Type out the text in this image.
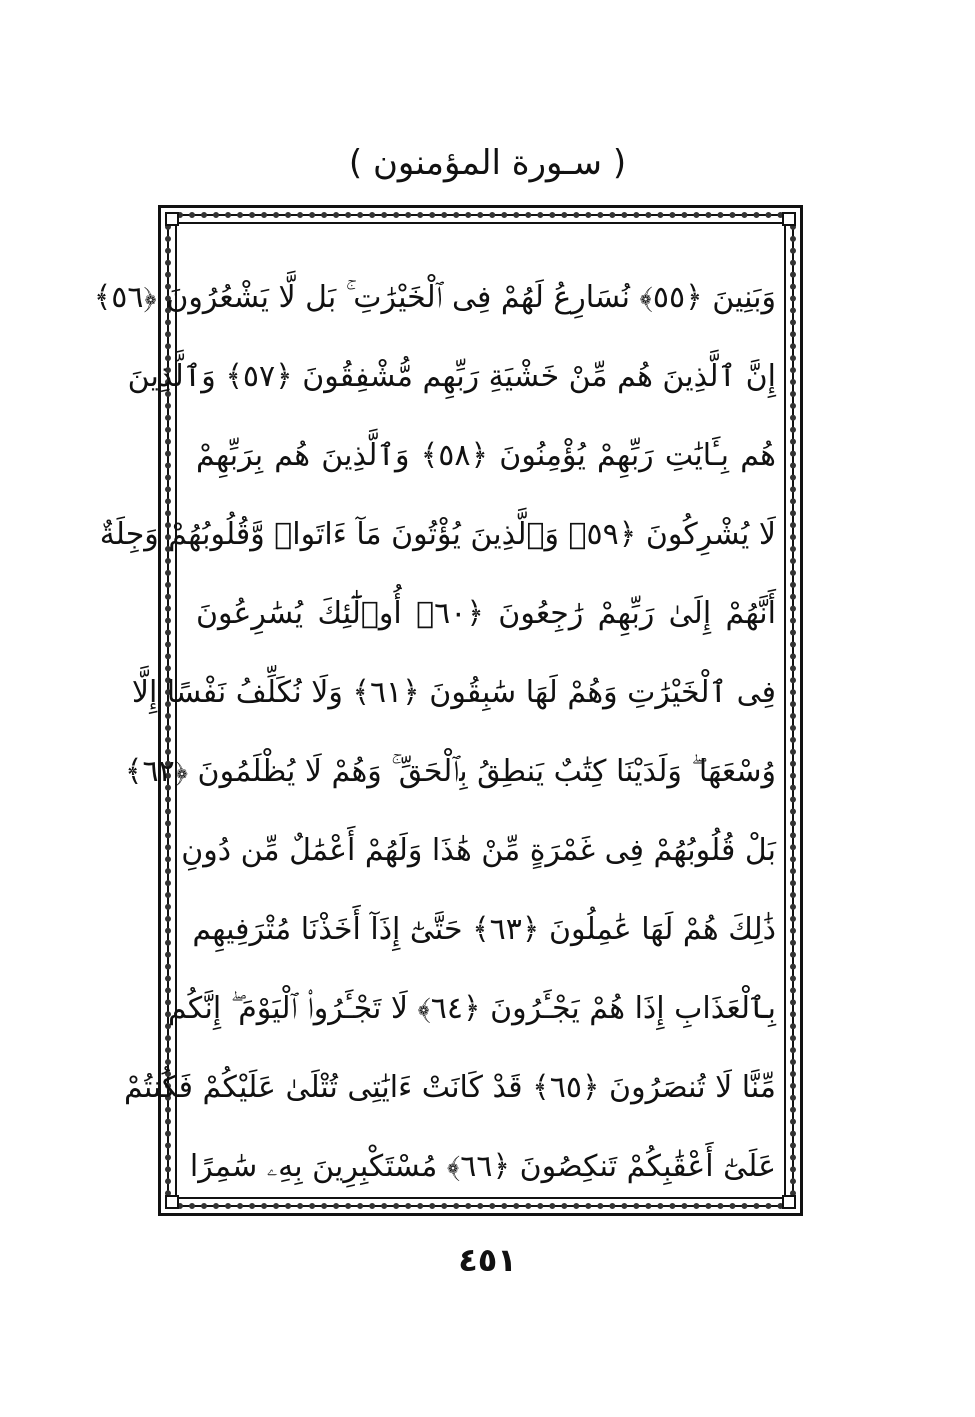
( سـورة المؤمنون )
وَبَنِينَ ﴿٥٥﴾ نُسَارِعُ لَهُمْ فِى ٱلْخَيْرَٰتِ ۚ بَل لَّا يَشْعُرُونَ ﴿٥٦﴾
إِنَّ ٱلَّذِينَ هُم مِّنْ خَشْيَةِ رَبِّهِم مُّشْفِقُونَ ﴿٥٧﴾ وَٱلَّذِينَ
هُم بِـَٔايَٰتِ رَبِّهِمْ يُؤْمِنُونَ ﴿٥٨﴾ وَٱلَّذِينَ هُم بِرَبِّهِمْ
لَا يُشْرِكُونَ ﴿٥٩﴾ وَٱلَّذِينَ يُؤْتُونَ مَآ ءَاتَوا۟ وَّقُلُوبُهُمْ وَجِلَةٌ
أَنَّهُمْ إِلَىٰ رَبِّهِمْ رَٰجِعُونَ ﴿٦٠﴾ أُو۟لَٰٓئِكَ يُسَٰرِعُونَ
فِى ٱلْخَيْرَٰتِ وَهُمْ لَهَا سَٰبِقُونَ ﴿٦١﴾ وَلَا نُكَلِّفُ نَفْسًا إِلَّا
وُسْعَهَا ۖ وَلَدَيْنَا كِتَٰبٌ يَنطِقُ بِٱلْحَقِّ ۚ وَهُمْ لَا يُظْلَمُونَ ﴿٦٢﴾
بَلْ قُلُوبُهُمْ فِى غَمْرَةٍ مِّنْ هَٰذَا وَلَهُمْ أَعْمَٰلٌ مِّن دُونِ
ذَٰلِكَ هُمْ لَهَا عَٰمِلُونَ ﴿٦٣﴾ حَتَّىٰٓ إِذَآ أَخَذْنَا مُتْرَفِيهِم
بِٱلْعَذَابِ إِذَا هُمْ يَجْـَٔرُونَ ﴿٦٤﴾ لَا تَجْـَٔرُوا۟ ٱلْيَوْمَ ۖ إِنَّكُم
مِّنَّا لَا تُنصَرُونَ ﴿٦٥﴾ قَدْ كَانَتْ ءَايَٰتِى تُتْلَىٰ عَلَيْكُمْ فَكُنتُمْ
عَلَىٰٓ أَعْقَٰبِكُمْ تَنكِصُونَ ﴿٦٦﴾ مُسْتَكْبِرِينَ بِهِۦ سَٰمِرًا
٤٥١
